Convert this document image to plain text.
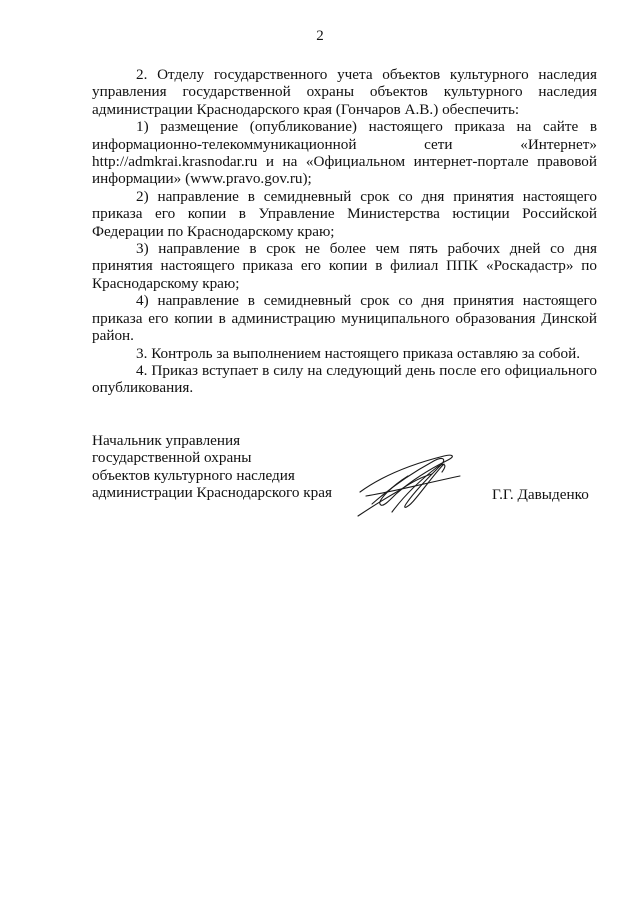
2

2. Отделу государственного учета объектов культурного наследия управления государственной охраны объектов культурного наследия администрации Краснодарского края (Гончаров А.В.) обеспечить:

1) размещение (опубликование) настоящего приказа на сайте в информационно-телекоммуникационной сети «Интернет» http://admkrai.krasnodar.ru и на «Официальном интернет-портале правовой информации» (www.pravo.gov.ru);

2) направление в семидневный срок со дня принятия настоящего приказа его копии в Управление Министерства юстиции Российской Федерации по Краснодарскому краю;

3) направление в срок не более чем пять рабочих дней со дня принятия настоящего приказа его копии в филиал ППК «Роскадастр» по Краснодарскому краю;

4) направление в семидневный срок со дня принятия настоящего приказа его копии в администрацию муниципального образования Динской район.

3. Контроль за выполнением настоящего приказа оставляю за собой.

4. Приказ вступает в силу на следующий день после его официального опубликования.

Начальник управления
государственной охраны
объектов культурного наследия
администрации Краснодарского края	Г.Г. Давыденко
